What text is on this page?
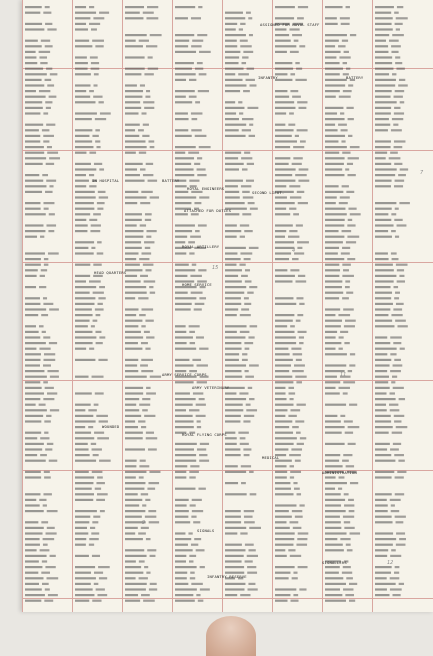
ASSIGNED FOR NAVAL STAFF
INFANTRY	BATTERY
IN HOSPITAL	BATTERY
ROYAL ENGINEERS
HEAD QUARTERS
ATTACHED FOR DUTIES
SECOND LIEUT.
ARMY SERVICE CORPS
ROYAL ARTILLERY
ARMY VETERINARY
HOME SERVICE
WOUNDED
ROYAL FLYING CORPS
SIGNALS
INFANTRY RESERVE
MEDICAL
ADMINISTRATION
SIGNALLERS
7
4
15
11
9
12
